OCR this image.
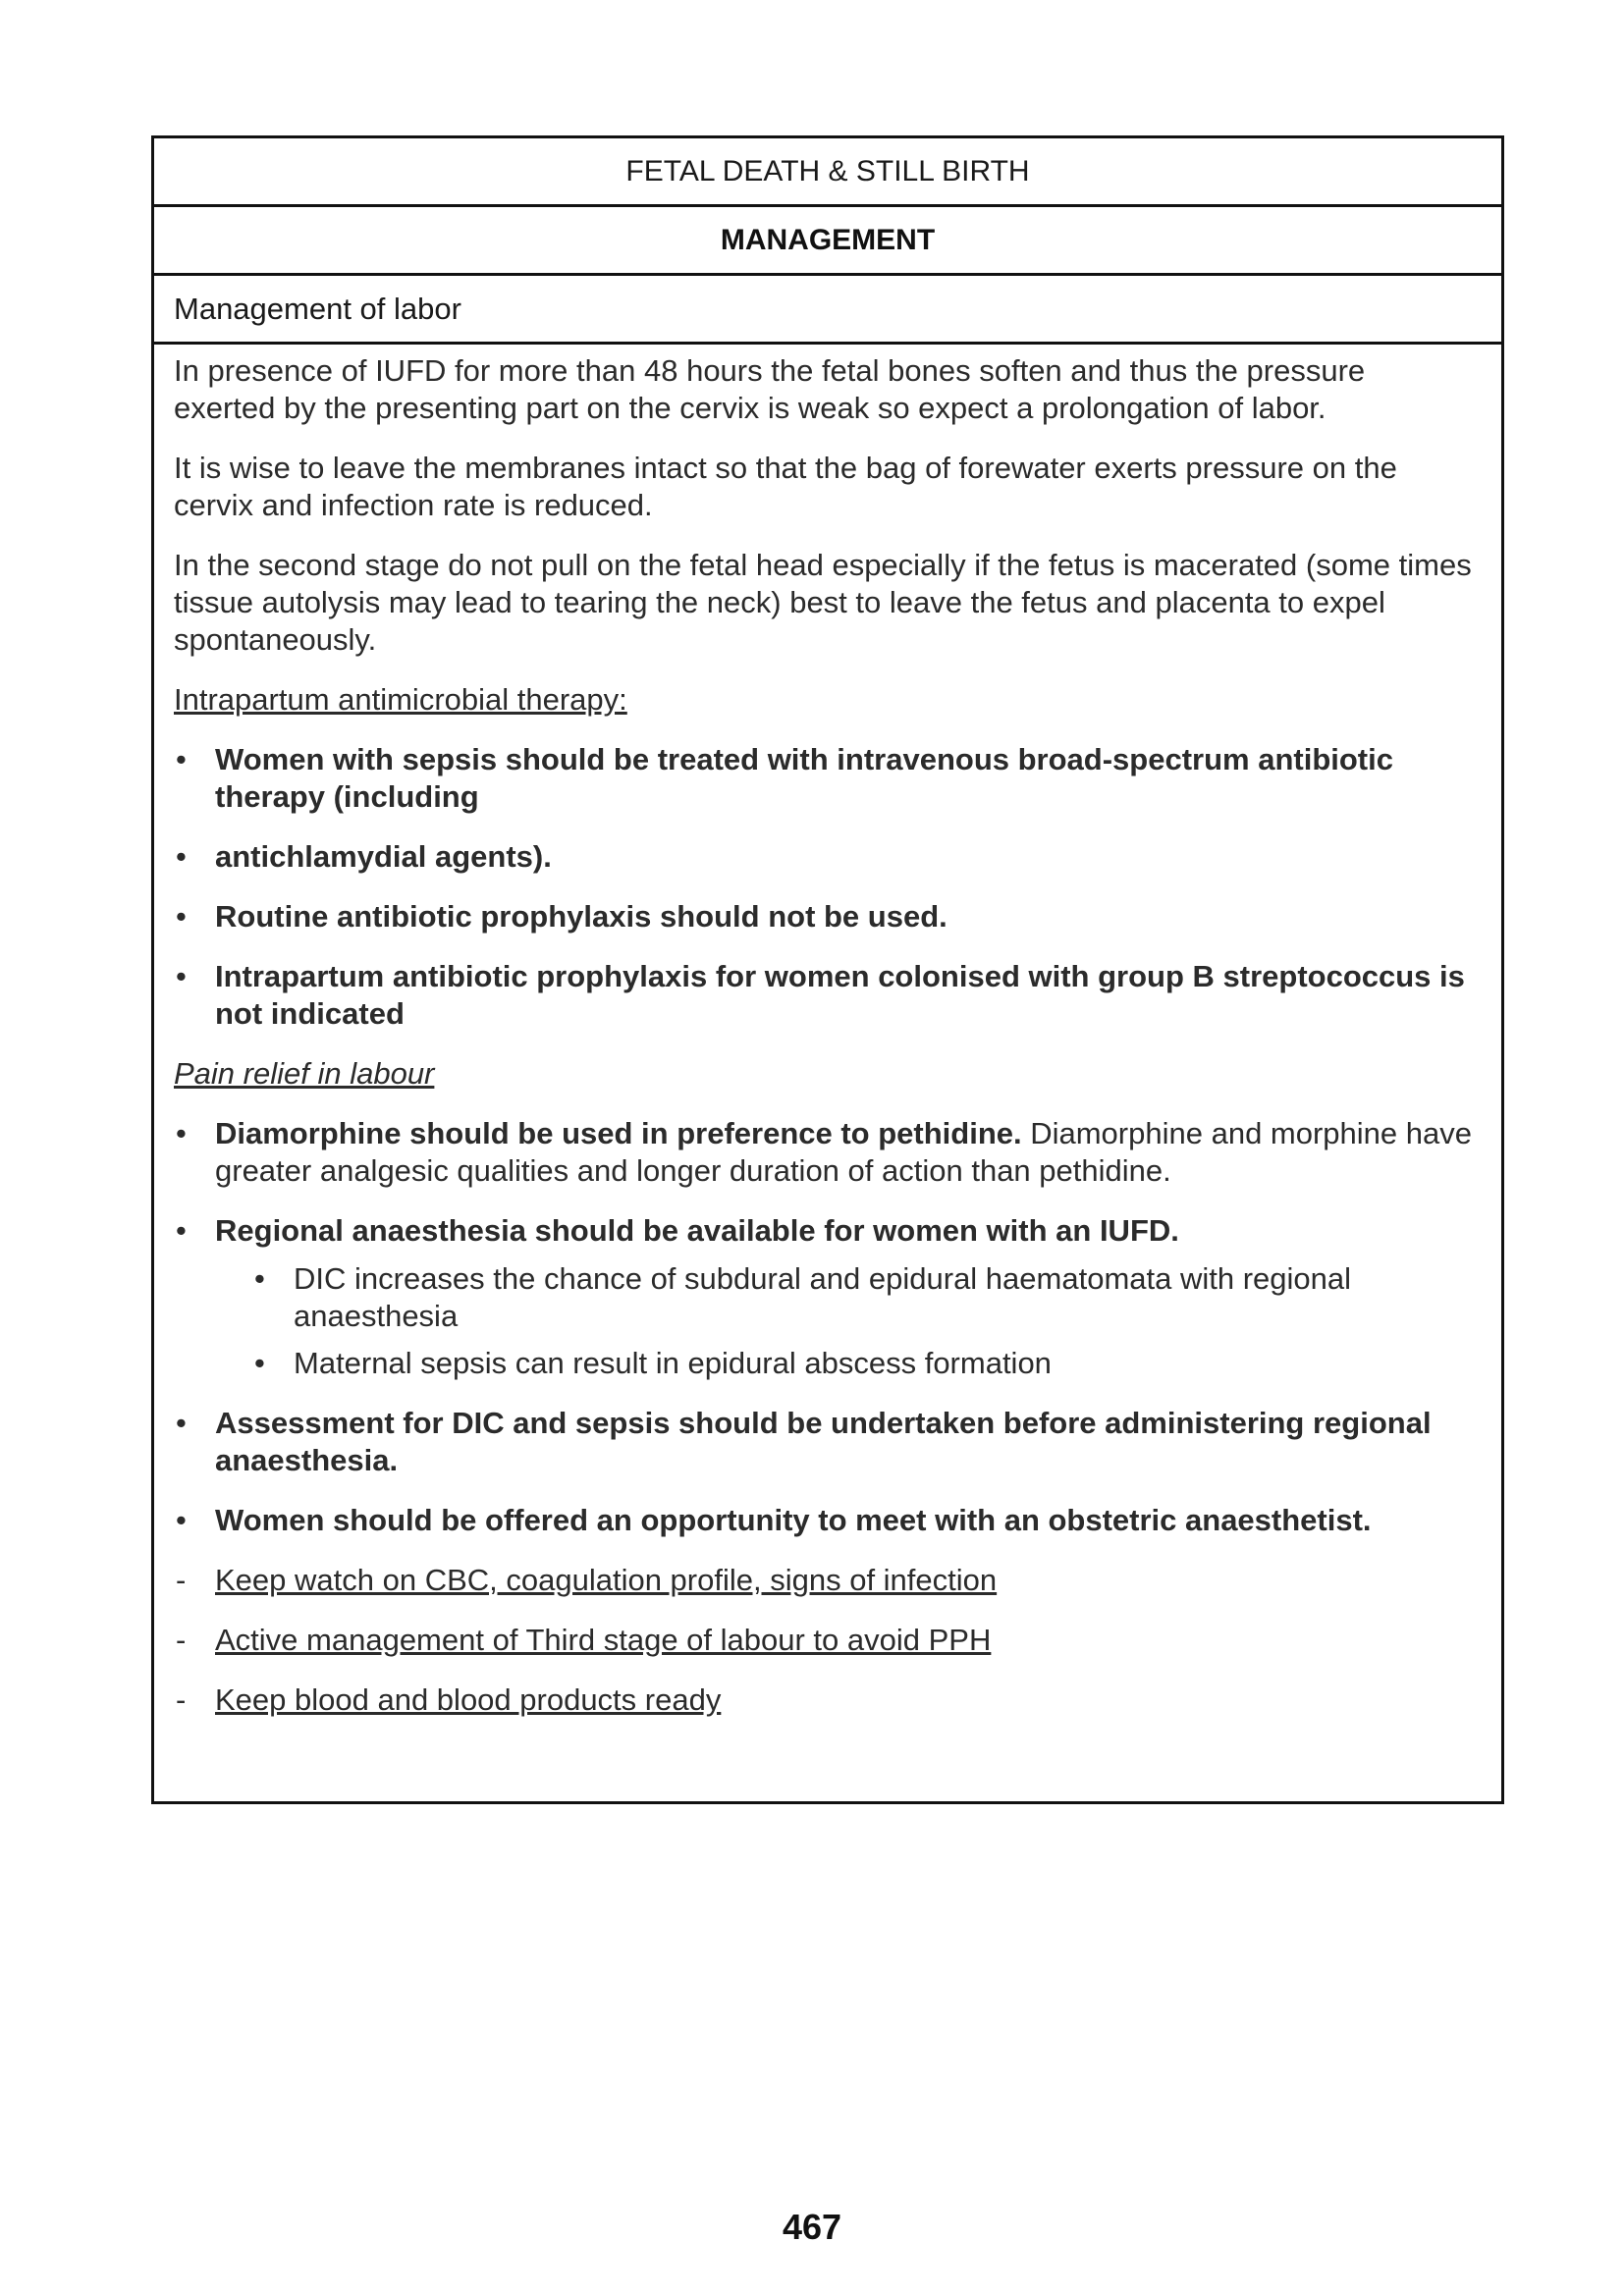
FETAL DEATH & STILL BIRTH
MANAGEMENT
Management of labor

In presence of IUFD for more than 48 hours the fetal bones soften and thus the pressure exerted by the presenting part on the cervix is weak so expect a prolongation of labor.

It is wise to leave the membranes intact so that the bag of forewater exerts pressure on the cervix and infection rate is reduced.

In the second stage do not pull on the fetal head especially if the fetus is macerated (some times tissue autolysis may lead to tearing the neck) best to leave the fetus and placenta to expel spontaneously.

Intrapartum antimicrobial therapy:

• Women with sepsis should be treated with intravenous broad-spectrum antibiotic therapy (including
• antichlamydial agents).
• Routine antibiotic prophylaxis should not be used.
• Intrapartum antibiotic prophylaxis for women colonised with group B streptococcus is not indicated

Pain relief in labour

• Diamorphine should be used in preference to pethidine. Diamorphine and morphine have greater analgesic qualities and longer duration of action than pethidine.
• Regional anaesthesia should be available for women with an IUFD.
• DIC increases the chance of subdural and epidural haematomata with regional anaesthesia
• Maternal sepsis can result in epidural abscess formation
• Assessment for DIC and sepsis should be undertaken before administering regional anaesthesia.
• Women should be offered an opportunity to meet with an obstetric anaesthetist.
- Keep watch on CBC, coagulation profile, signs of infection
- Active management of Third stage of labour to avoid PPH
- Keep blood and blood products ready
467
